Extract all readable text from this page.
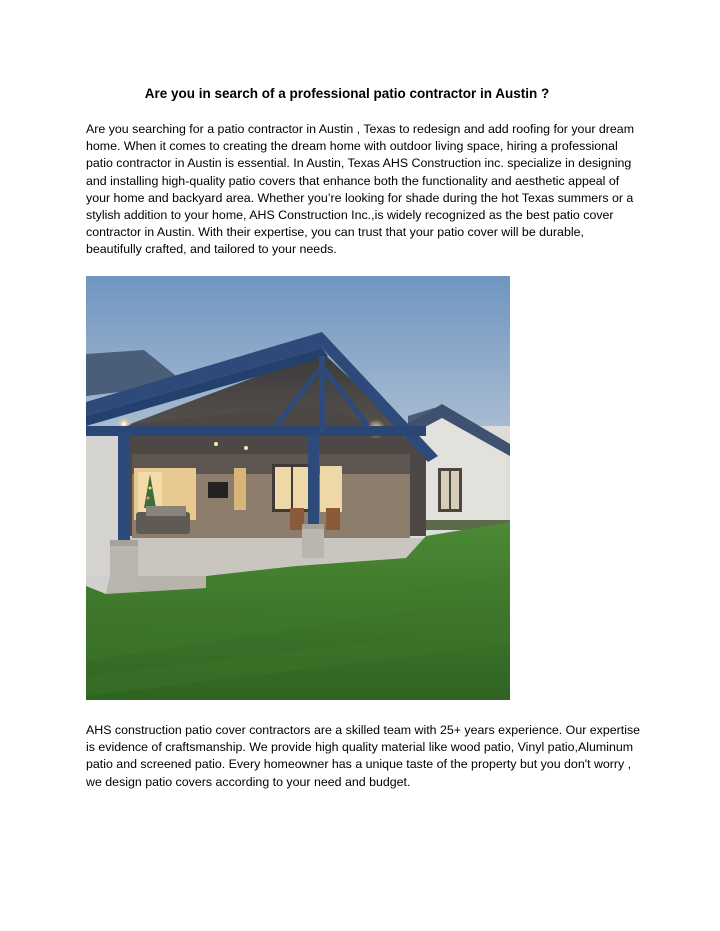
Are you in search of a professional patio contractor in Austin ?

Are you searching for a patio contractor in Austin , Texas to redesign and add roofing for your dream home. When it comes to creating the dream home with outdoor living space, hiring a professional patio contractor in Austin is essential. In Austin, Texas AHS Construction inc. specialize in designing and installing high-quality patio covers that enhance both the functionality and aesthetic appeal of your home and backyard area. Whether you’re looking for shade during the hot Texas summers or a stylish addition to your home, AHS Construction Inc.,is widely recognized as the best patio cover contractor in Austin. With their expertise, you can trust that your patio cover will be durable, beautifully crafted, and tailored to your needs.

AHS construction patio cover contractors are a skilled team with 25+ years experience. Our expertise is evidence of craftsmanship. We provide high quality material like wood patio, Vinyl patio,Aluminum patio and screened patio. Every homeowner has a unique taste of the property but you don't worry , we design patio covers according to your need and budget.
